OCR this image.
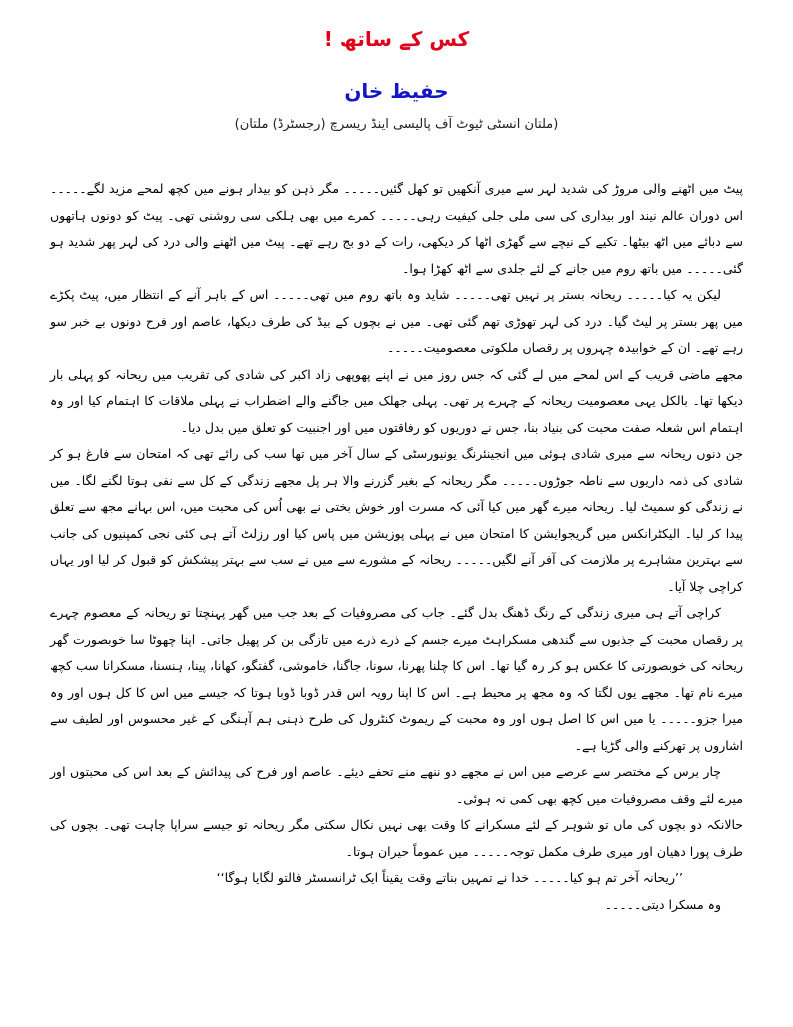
کس کے ساتھ !
حفیظ خان
(ملتان انسٹی ٹیوٹ آف پالیسی اینڈ ریسرچ (رجسٹرڈ) ملتان)

پیٹ میں اٹھنے والی مروڑ کی شدید لہر سے میری آنکھیں تو کھل گئیں۔۔۔۔۔ مگر ذہن کو بیدار ہونے میں کچھ لمحے مزید لگے۔۔۔۔۔ اس دوران عالم نیند اور بیداری کی سی ملی جلی کیفیت رہی۔۔۔۔۔ کمرے میں بھی ہلکی سی روشنی تھی۔ پیٹ کو دونوں ہاتھوں سے دبائے میں اٹھ بیٹھا۔ تکیے کے نیچے سے گھڑی اٹھا کر دیکھی، رات کے دو بج رہے تھے۔ پیٹ میں اٹھنے والی درد کی لہر پھر شدید ہو گئی۔۔۔۔۔ میں باتھ روم میں جانے کے لئے جلدی سے اٹھ کھڑا ہوا۔

لیکن یہ کیا۔۔۔۔۔ ریحانہ بستر پر نہیں تھی۔۔۔۔۔ شاید وہ باتھ روم میں تھی۔۔۔۔۔ اس کے باہر آنے کے انتظار میں، پیٹ پکڑے میں پھر بستر پر لیٹ گیا۔ درد کی لہر تھوڑی تھم گئی تھی۔ میں نے بچوں کے بیڈ کی طرف دیکھا، عاصم اور فرح دونوں بے خبر سو رہے تھے۔ ان کے خوابیدہ چہروں پر رقصاں ملکوتی معصومیت۔۔۔۔۔

مجھے ماضی قریب کے اس لمحے میں لے گئی کہ جس روز میں نے اپنے پھوپھی زاد اکبر کی شادی کی تقریب میں ریحانہ کو پہلی بار دیکھا تھا۔ بالکل یہی معصومیت ریحانہ کے چہرے پر تھی۔ پہلی جھلک میں جاگنے والے اضطراب نے پہلی ملاقات کا اہتمام کیا اور وہ اہتمام اس شعلہ صفت محبت کی بنیاد بنا، جس نے دوریوں کو رفاقتوں میں اور اجنبیت کو تعلق میں بدل دیا۔

جن دنوں ریحانہ سے میری شادی ہوئی میں انجینئرنگ یونیورسٹی کے سال آخر میں تھا سب کی رائے تھی کہ امتحان سے فارغ ہو کر شادی کی ذمہ داریوں سے ناطہ جوڑوں۔۔۔۔۔ مگر ریحانہ کے بغیر گزرنے والا ہر پل مجھے زندگی کے کل سے نفی ہوتا لگنے لگا۔ میں نے زندگی کو سمیٹ لیا۔ ریحانہ میرے گھر میں کیا آئی کہ مسرت اور خوش بختی نے بھی اُس کی محبت میں، اس بہانے مجھ سے تعلق پیدا کر لیا۔ الیکٹرانکس میں گریجوایشن کا امتحان میں نے پہلی پوزیشن میں پاس کیا اور رزلٹ آتے ہی کئی نجی کمپنیوں کی جانب سے بہترین مشاہرے پر ملازمت کی آفر آنے لگیں۔۔۔۔۔ ریحانہ کے مشورے سے میں نے سب سے بہتر پیشکش کو قبول کر لیا اور یہاں کراچی چلا آیا۔

کراچی آتے ہی میری زندگی کے رنگ ڈھنگ بدل گئے۔ جاب کی مصروفیات کے بعد جب میں گھر پہنچتا تو ریحانہ کے معصوم چہرے پر رقصاں محبت کے جذبوں سے گندھی مسکراہٹ میرے جسم کے ذرے ذرے میں تازگی بن کر پھیل جاتی۔ اپنا چھوٹا سا خوبصورت گھر ریحانہ کی خوبصورتی کا عکس ہو کر رہ گیا تھا۔ اس کا چلنا پھرنا، سونا، جاگنا، خاموشی، گفتگو، کھانا، پینا، ہنسنا، مسکرانا سب کچھ میرے نام تھا۔ مجھے یوں لگتا کہ وہ مجھ پر محیط ہے۔ اس کا اپنا رویہ اس قدر ڈوبا ڈوبا ہوتا کہ جیسے میں اس کا کل ہوں اور وہ میرا جزو۔۔۔۔۔ یا میں اس کا اصل ہوں اور وہ محبت کے ریموٹ کنٹرول کی طرح ذہنی ہم آہنگی کے غیر محسوس اور لطیف سے اشاروں پر تھرکنے والی گڑیا ہے۔

چار برس کے مختصر سے عرصے میں اس نے مجھے دو ننھے منے تحفے دیئے۔ عاصم اور فرح کی پیدائش کے بعد اس کی محبتوں اور میرے لئے وقف مصروفیات میں کچھ بھی کمی نہ ہوئی۔

حالانکہ دو بچوں کی ماں تو شوہر کے لئے مسکرانے کا وقت بھی نہیں نکال سکتی مگر ریحانہ تو جیسے سراپا چاہت تھی۔ بچوں کی طرف پورا دھیان اور میری طرف مکمل توجہ۔۔۔۔۔ میں عموماً حیران ہوتا۔

’’ریحانہ آخر تم ہو کیا۔۔۔۔۔ خدا نے تمہیں بناتے وقت یقیناً ایک ٹرانسسٹر فالتو لگایا ہوگا‘‘

وہ مسکرا دیتی۔۔۔۔۔
